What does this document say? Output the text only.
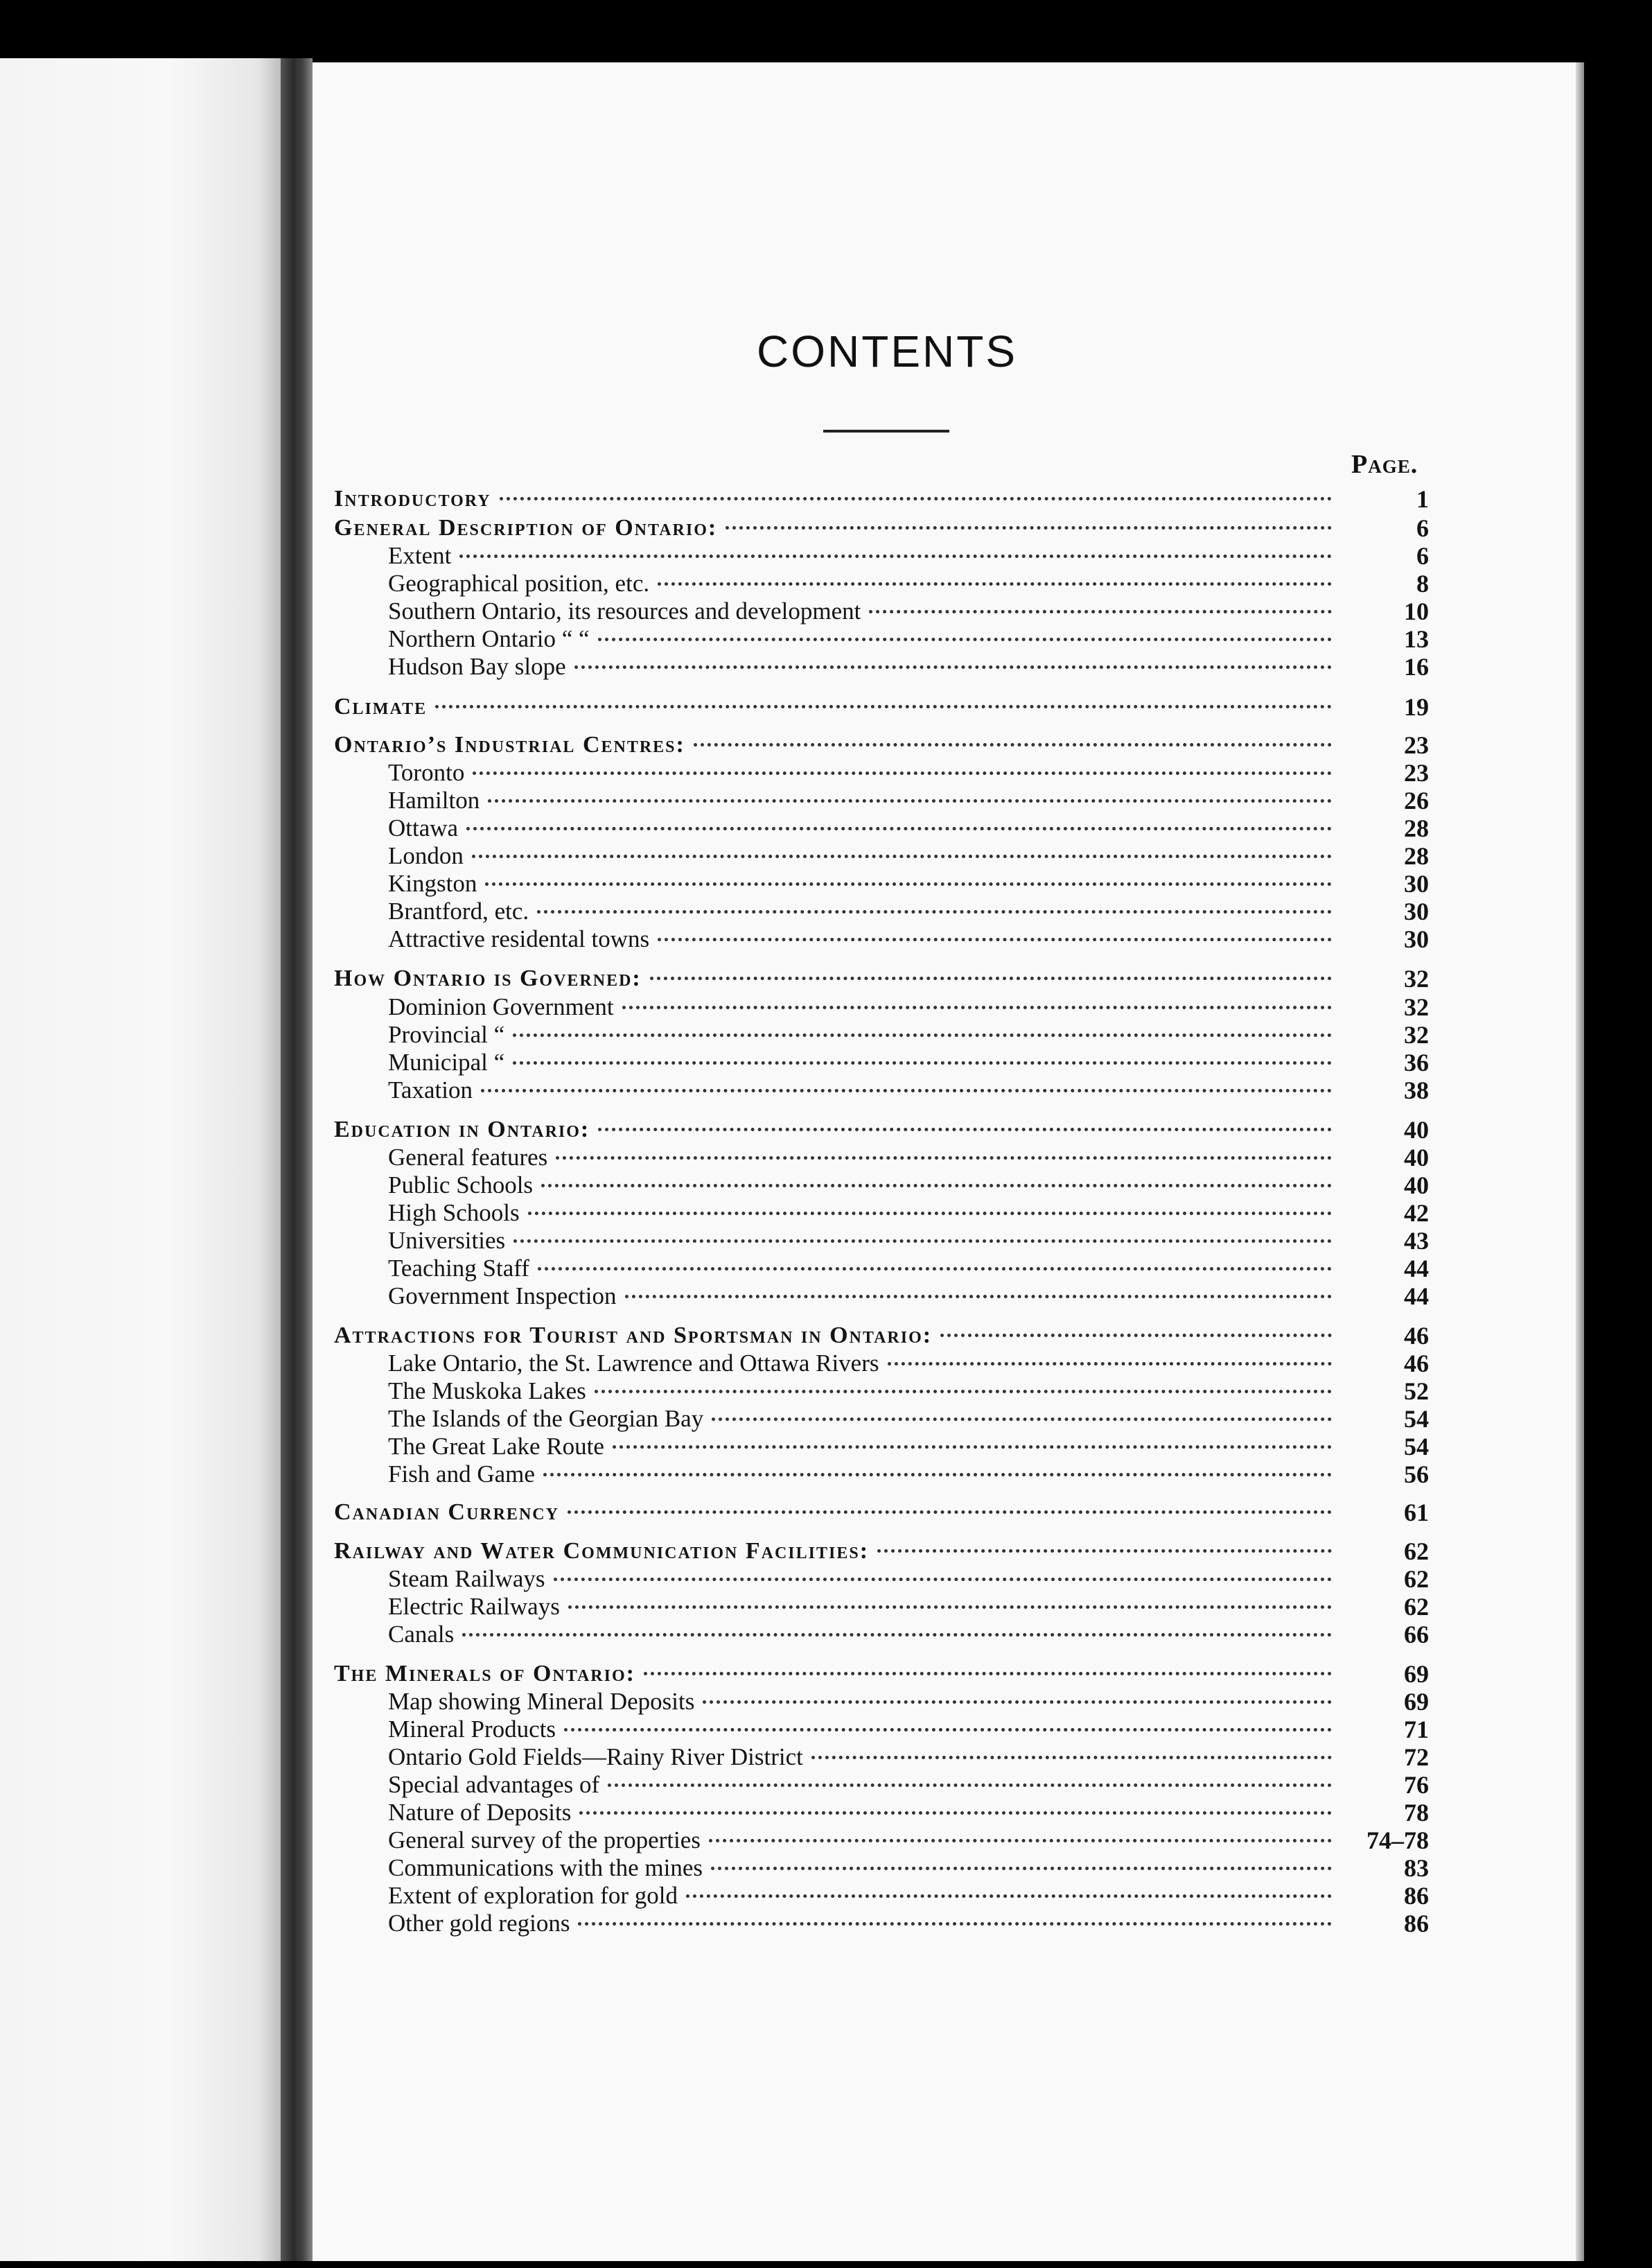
CONTENTS
Page.
Introductory	1
General Description of Ontario:	6
Extent	6
Geographical position, etc.	8
Southern Ontario, its resources and development	10
Northern Ontario “ “	13
Hudson Bay slope	16
Climate	19
Ontario’s Industrial Centres:	23
Toronto	23
Hamilton	26
Ottawa	28
London	28
Kingston	30
Brantford, etc.	30
Attractive residental towns	30
How Ontario is Governed:	32
Dominion Government	32
Provincial “	32
Municipal “	36
Taxation	38
Education in Ontario:	40
General features	40
Public Schools	40
High Schools	42
Universities	43
Teaching Staff	44
Government Inspection	44
Attractions for Tourist and Sportsman in Ontario:	46
Lake Ontario, the St. Lawrence and Ottawa Rivers	46
The Muskoka Lakes	52
The Islands of the Georgian Bay	54
The Great Lake Route	54
Fish and Game	56
Canadian Currency	61
Railway and Water Communication Facilities:	62
Steam Railways	62
Electric Railways	62
Canals	66
The Minerals of Ontario:	69
Map showing Mineral Deposits	69
Mineral Products	71
Ontario Gold Fields—Rainy River District	72
Special advantages of	76
Nature of Deposits	78
General survey of the properties	74–78
Communications with the mines	83
Extent of exploration for gold	86
Other gold regions	86
